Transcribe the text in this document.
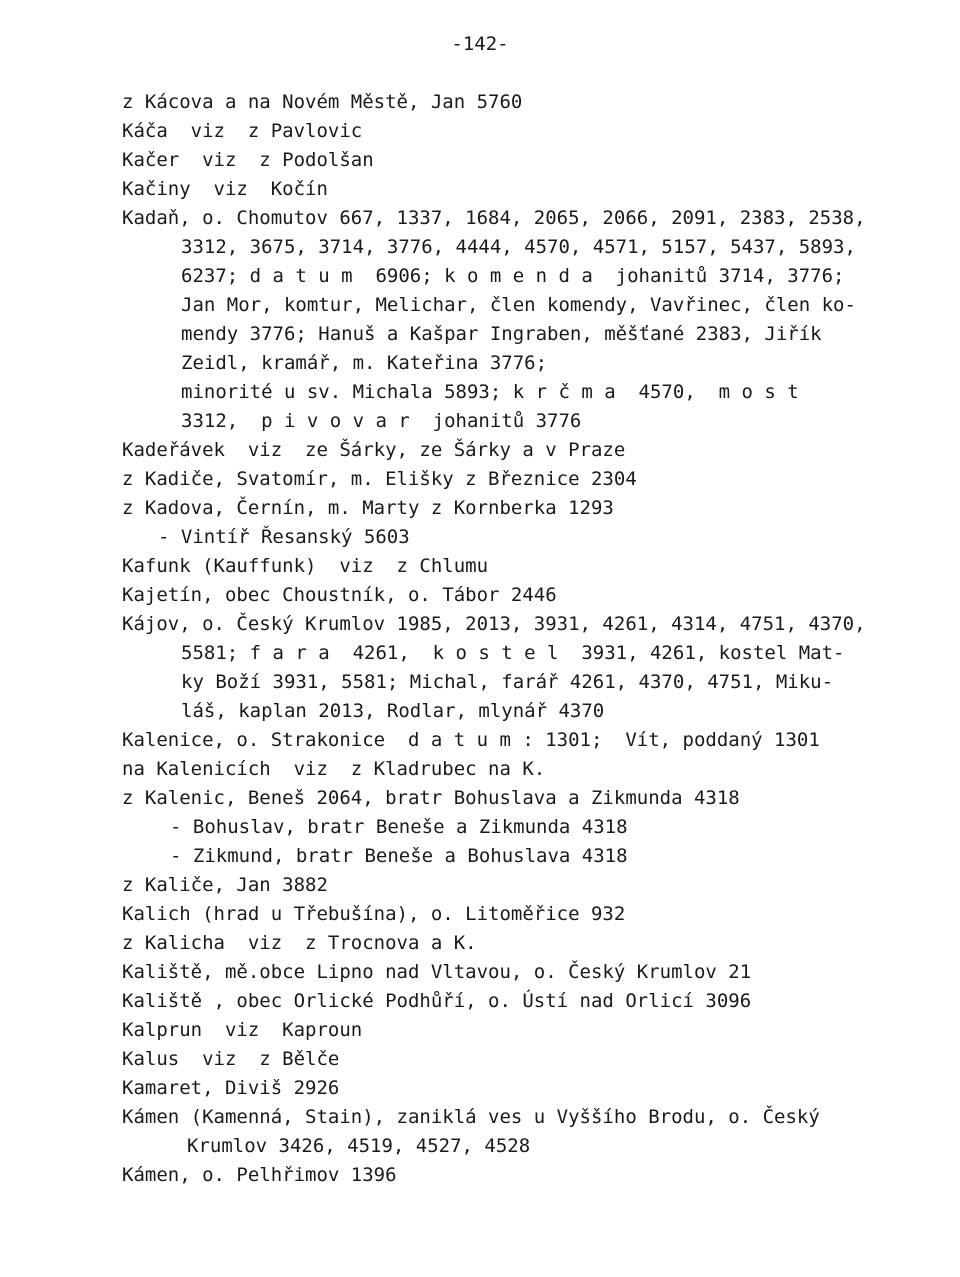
-142-
z Kácova a na Novém Městě, Jan 5760
Káča  viz  z Pavlovic
Kačer  viz  z Podolšan
Kačiny  viz  Kočín
Kadaň, o. Chomutov 667, 1337, 1684, 2065, 2066, 2091, 2383, 2538,
3312, 3675, 3714, 3776, 4444, 4570, 4571, 5157, 5437, 5893,
6237; d a t u m  6906; k o m e n d a  johanitů 3714, 3776;
Jan Mor, komtur, Melichar, člen komendy, Vavřinec, člen ko-
mendy 3776; Hanuš a Kašpar Ingraben, měšťané 2383, Jiřík
Zeidl, kramář, m. Kateřina 3776;
minorité u sv. Michala 5893; k r č m a  4570,  m o s t
3312,  p i v o v a r  johanitů 3776
Kadeřávek  viz  ze Šárky, ze Šárky a v Praze
z Kadiče, Svatomír, m. Elišky z Březnice 2304
z Kadova, Černín, m. Marty z Kornberka 1293
- Vintíř Řesanský 5603
Kafunk (Kauffunk)  viz  z Chlumu
Kajetín, obec Choustník, o. Tábor 2446
Kájov, o. Český Krumlov 1985, 2013, 3931, 4261, 4314, 4751, 4370,
5581; f a r a  4261,  k o s t e l  3931, 4261, kostel Mat-
ky Boží 3931, 5581; Michal, farář 4261, 4370, 4751, Miku-
láš, kaplan 2013, Rodlar, mlynář 4370
Kalenice, o. Strakonice  d a t u m : 1301;  Vít, poddaný 1301
na Kalenicích  viz  z Kladrubec na K.
z Kalenic, Beneš 2064, bratr Bohuslava a Zikmunda 4318
- Bohuslav, bratr Beneše a Zikmunda 4318
- Zikmund, bratr Beneše a Bohuslava 4318
z Kaliče, Jan 3882
Kalich (hrad u Třebušína), o. Litoměřice 932
z Kalicha  viz  z Trocnova a K.
Kaliště, mě.obce Lipno nad Vltavou, o. Český Krumlov 21
Kaliště , obec Orlické Podhůří, o. Ústí nad Orlicí 3096
Kalprun  viz  Kaproun
Kalus  viz  z Bělče
Kamaret, Diviš 2926
Kámen (Kamenná, Stain), zaniklá ves u Vyššího Brodu, o. Český
Krumlov 3426, 4519, 4527, 4528
Kámen, o. Pelhřimov 1396
